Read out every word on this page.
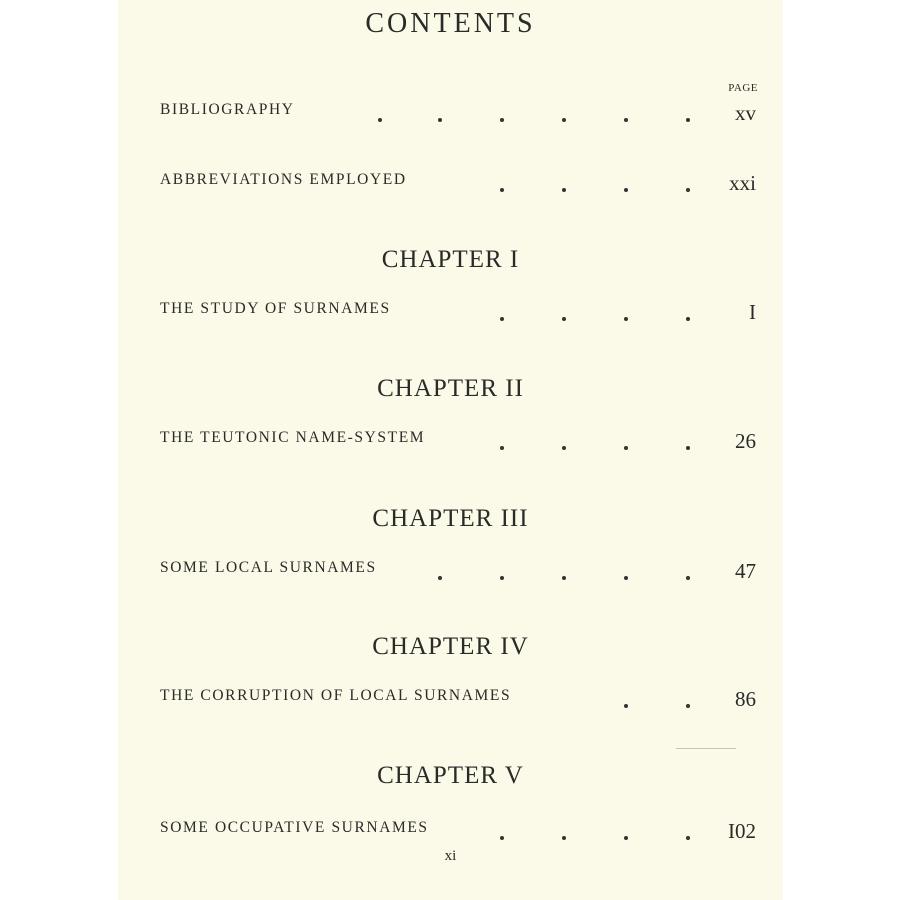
CONTENTS
PAGE
BIBLIOGRAPHY	xv
ABBREVIATIONS EMPLOYED	xxi
CHAPTER I
THE STUDY OF SURNAMES	I
CHAPTER II
THE TEUTONIC NAME-SYSTEM	26
CHAPTER III
SOME LOCAL SURNAMES	47
CHAPTER IV
THE CORRUPTION OF LOCAL SURNAMES	86
CHAPTER V
SOME OCCUPATIVE SURNAMES	I02
xi
